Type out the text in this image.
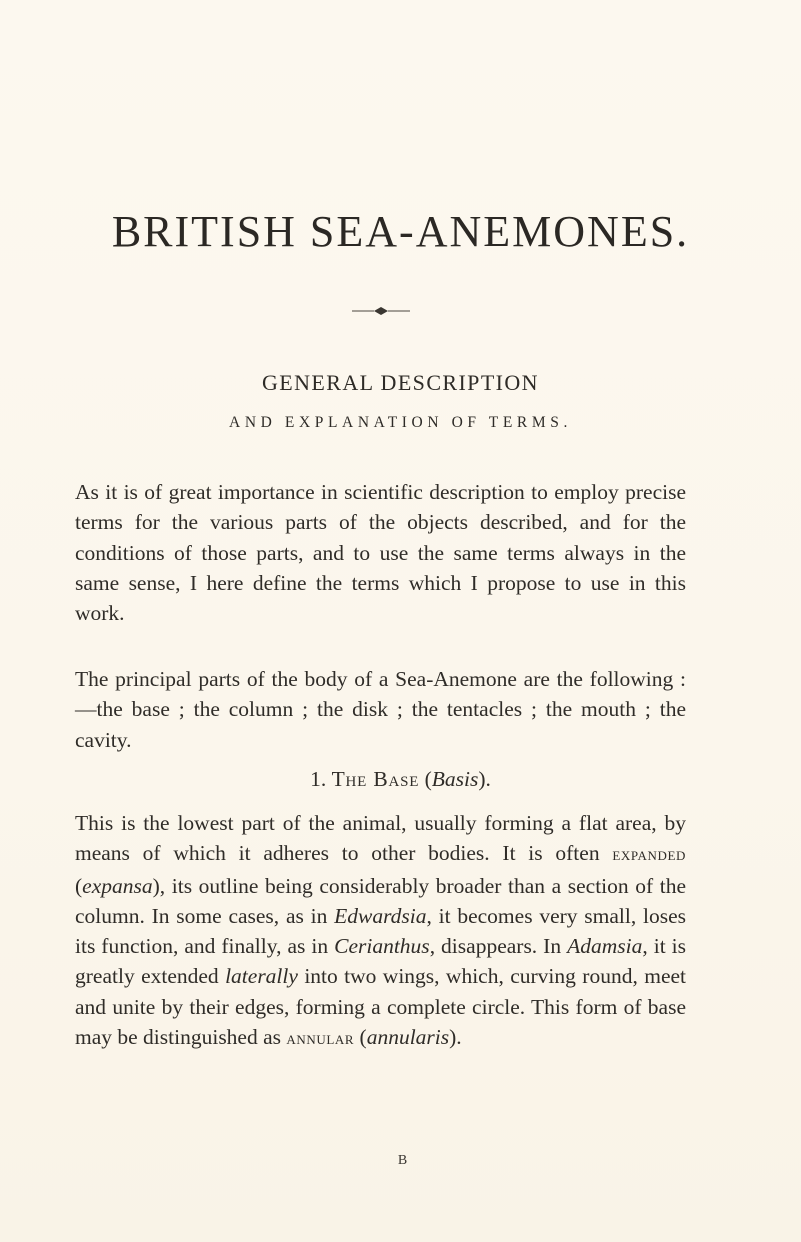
BRITISH SEA-ANEMONES.
GENERAL DESCRIPTION
AND EXPLANATION OF TERMS.

As it is of great importance in scientific description to employ precise terms for the various parts of the objects described, and for the conditions of those parts, and to use the same terms always in the same sense, I here define the terms which I propose to use in this work.

The principal parts of the body of a Sea-Anemone are the following :—the base ; the column ; the disk ; the tentacles ; the mouth ; the cavity.

1. The Base (Basis).

This is the lowest part of the animal, usually forming a flat area, by means of which it adheres to other bodies. It is often expanded (expansa), its outline being considerably broader than a section of the column. In some cases, as in Edwardsia, it becomes very small, loses its function, and finally, as in Cerianthus, disappears. In Adamsia, it is greatly extended laterally into two wings, which, curving round, meet and unite by their edges, forming a complete circle. This form of base may be distinguished as annular (annularis).

B
